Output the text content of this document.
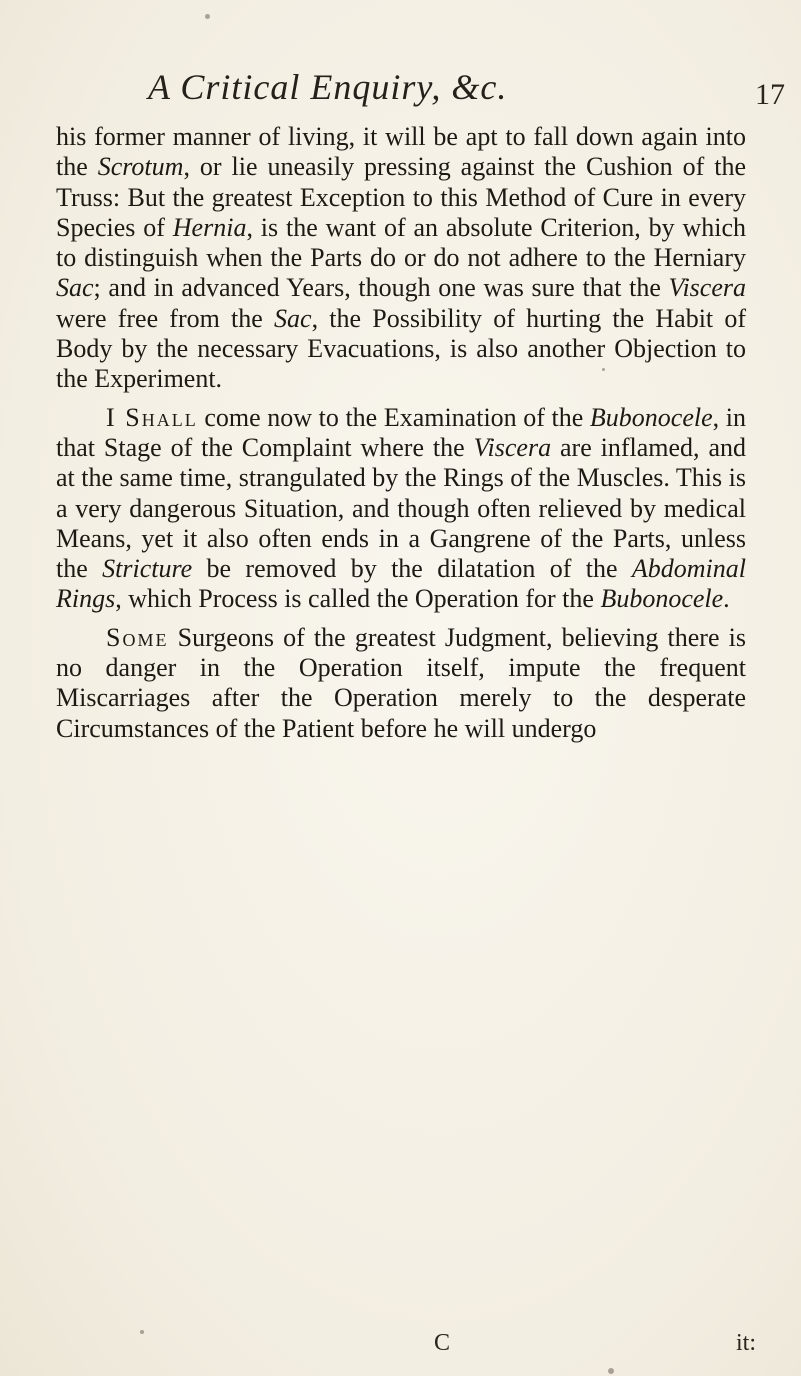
A Critical Enquiry, &c.	17

his former manner of living, it will be apt to fall down again into the Scrotum, or lie uneasily pressing against the Cushion of the Truss: But the greatest Exception to this Method of Cure in every Species of Hernia, is the want of an absolute Criterion, by which to distinguish when the Parts do or do not adhere to the Herniary Sac; and in advanced Years, though one was sure that the Viscera were free from the Sac, the Possibility of hurting the Habit of Body by the necessary Evacuations, is also another Objection to the Experiment.

I Shall come now to the Examination of the Bubonocele, in that Stage of the Complaint where the Viscera are inflamed, and at the same time, strangulated by the Rings of the Muscles. This is a very dangerous Situation, and though often relieved by medical Means, yet it also often ends in a Gangrene of the Parts, unless the Stricture be removed by the dilatation of the Abdominal Rings, which Process is called the Operation for the Bubonocele.

Some Surgeons of the greatest Judgment, believing there is no danger in the Operation itself, impute the frequent Miscarriages after the Operation merely to the desperate Circumstances of the Patient before he will undergo

C	it:
